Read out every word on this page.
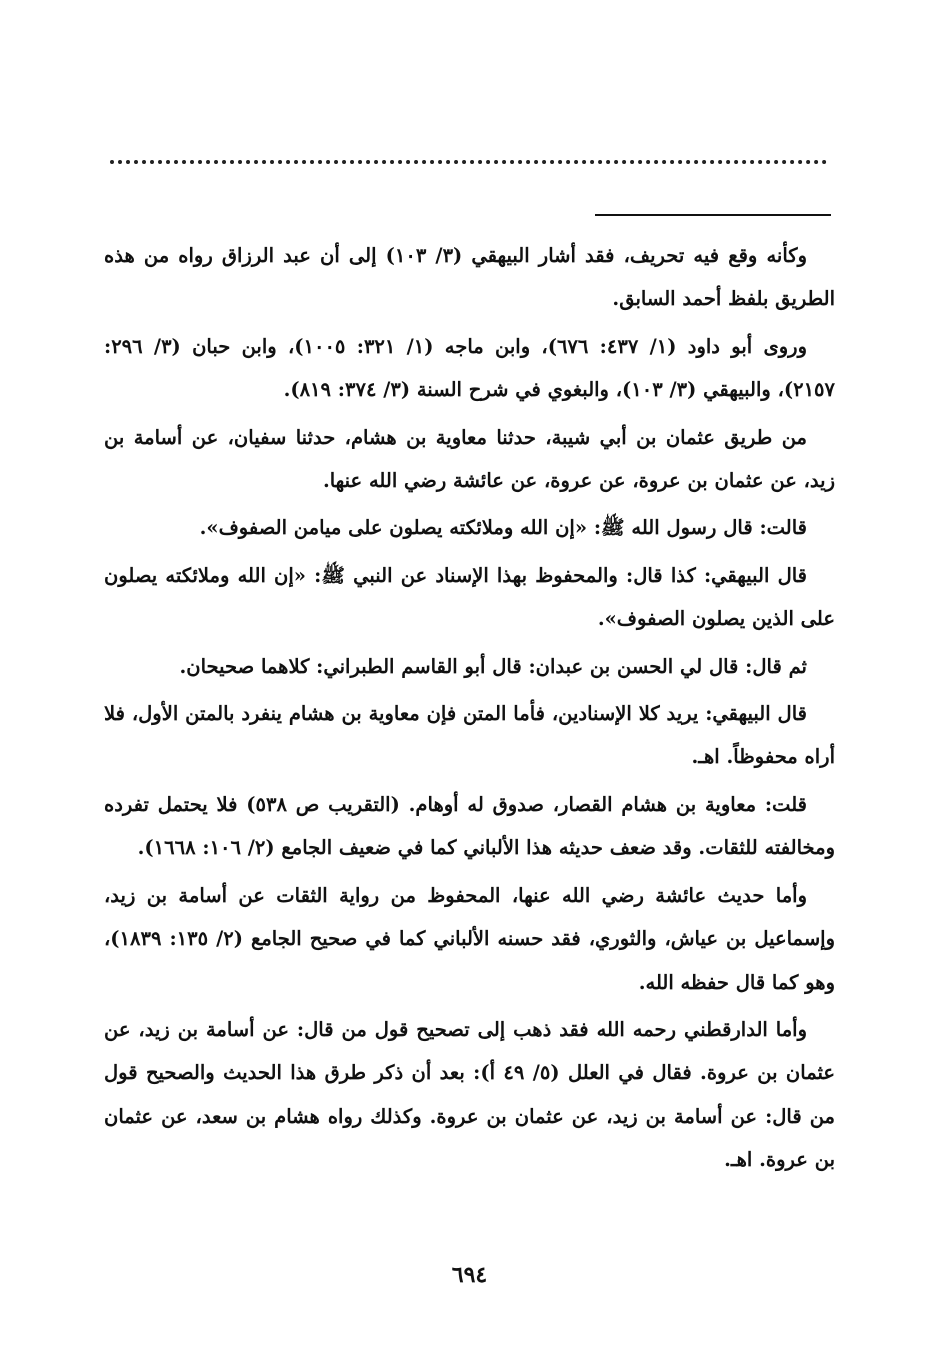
وكأنه وقع فيه تحريف، فقد أشار البيهقي (٣/ ١٠٣) إلى أن عبد الرزاق رواه من هذه الطريق بلفظ أحمد السابق.

وروى أبو داود (١/ ٤٣٧: ٦٧٦)، وابن ماجه (١/ ٣٢١: ١٠٠٥)، وابن حبان (٣/ ٢٩٦: ٢١٥٧)، والبيهقي (٣/ ١٠٣)، والبغوي في شرح السنة (٣/ ٣٧٤: ٨١٩).

من طريق عثمان بن أبي شيبة، حدثنا معاوية بن هشام، حدثنا سفيان، عن أسامة بن زيد، عن عثمان بن عروة، عن عروة، عن عائشة رضي الله عنها.

قالت: قال رسول الله ﷺ: «إن الله وملائكته يصلون على ميامن الصفوف».

قال البيهقي: كذا قال: والمحفوظ بهذا الإسناد عن النبي ﷺ: «إن الله وملائكته يصلون على الذين يصلون الصفوف».

ثم قال: قال لي الحسن بن عبدان: قال أبو القاسم الطبراني: كلاهما صحيحان.

قال البيهقي: يريد كلا الإسنادين، فأما المتن فإن معاوية بن هشام ينفرد بالمتن الأول، فلا أراه محفوظاً. اهـ.

قلت: معاوية بن هشام القصار، صدوق له أوهام. (التقريب ص ٥٣٨) فلا يحتمل تفرده ومخالفته للثقات. وقد ضعف حديثه هذا الألباني كما في ضعيف الجامع (٢/ ١٠٦: ١٦٦٨).

وأما حديث عائشة رضي الله عنها، المحفوظ من رواية الثقات عن أسامة بن زيد، وإسماعيل بن عياش، والثوري، فقد حسنه الألباني كما في صحيح الجامع (٢/ ١٣٥: ١٨٣٩)، وهو كما قال حفظه الله.

وأما الدارقطني رحمه الله فقد ذهب إلى تصحيح قول من قال: عن أسامة بن زيد، عن عثمان بن عروة. فقال في العلل (٥/ ٤٩ أ): بعد أن ذكر طرق هذا الحديث والصحيح قول من قال: عن أسامة بن زيد، عن عثمان بن عروة. وكذلك رواه هشام بن سعد، عن عثمان بن عروة. اهـ.

٦٩٤
